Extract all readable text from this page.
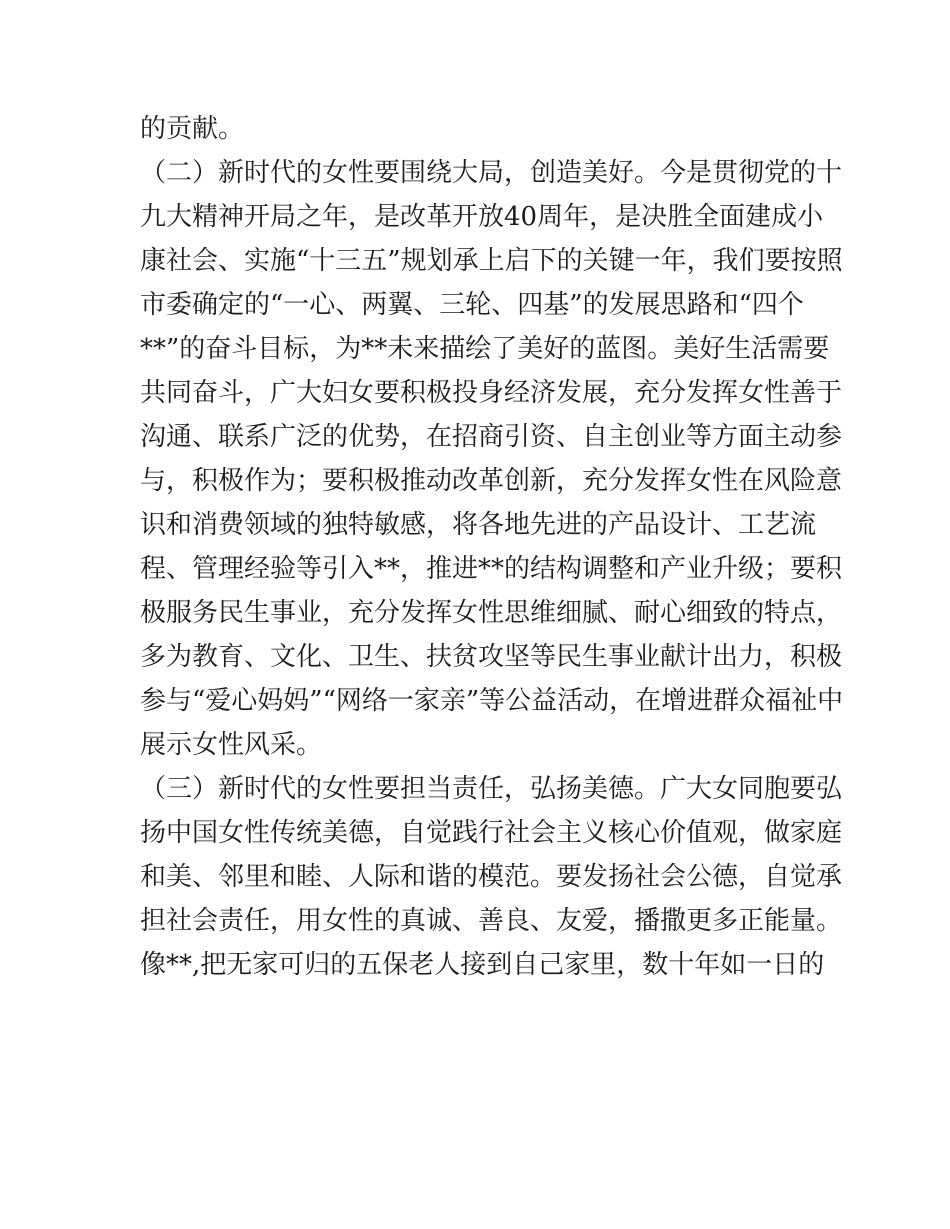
的贡献。

（二）新时代的女性要围绕大局，创造美好。今是贯彻党的十

九大精神开局之年，是改革开放40周年，是决胜全面建成小

康社会、实施“十三五”规划承上启下的关键一年，我们要按照

市委确定的“一心、两翼、三轮、四基”的发展思路和“四个

**”的奋斗目标，为**未来描绘了美好的蓝图。美好生活需要

共同奋斗，广大妇女要积极投身经济发展，充分发挥女性善于

沟通、联系广泛的优势，在招商引资、自主创业等方面主动参

与，积极作为；要积极推动改革创新，充分发挥女性在风险意

识和消费领域的独特敏感，将各地先进的产品设计、工艺流

程、管理经验等引入**，推进**的结构调整和产业升级；要积

极服务民生事业，充分发挥女性思维细腻、耐心细致的特点，

多为教育、文化、卫生、扶贫攻坚等民生事业献计出力，积极

参与“爱心妈妈”“网络一家亲”等公益活动，在增进群众福祉中

展示女性风采。

（三）新时代的女性要担当责任，弘扬美德。广大女同胞要弘

扬中国女性传统美德，自觉践行社会主义核心价值观，做家庭

和美、邻里和睦、人际和谐的模范。要发扬社会公德，自觉承

担社会责任，用女性的真诚、善良、友爱，播撒更多正能量。

像**,把无家可归的五保老人接到自己家里，数十年如一日的
